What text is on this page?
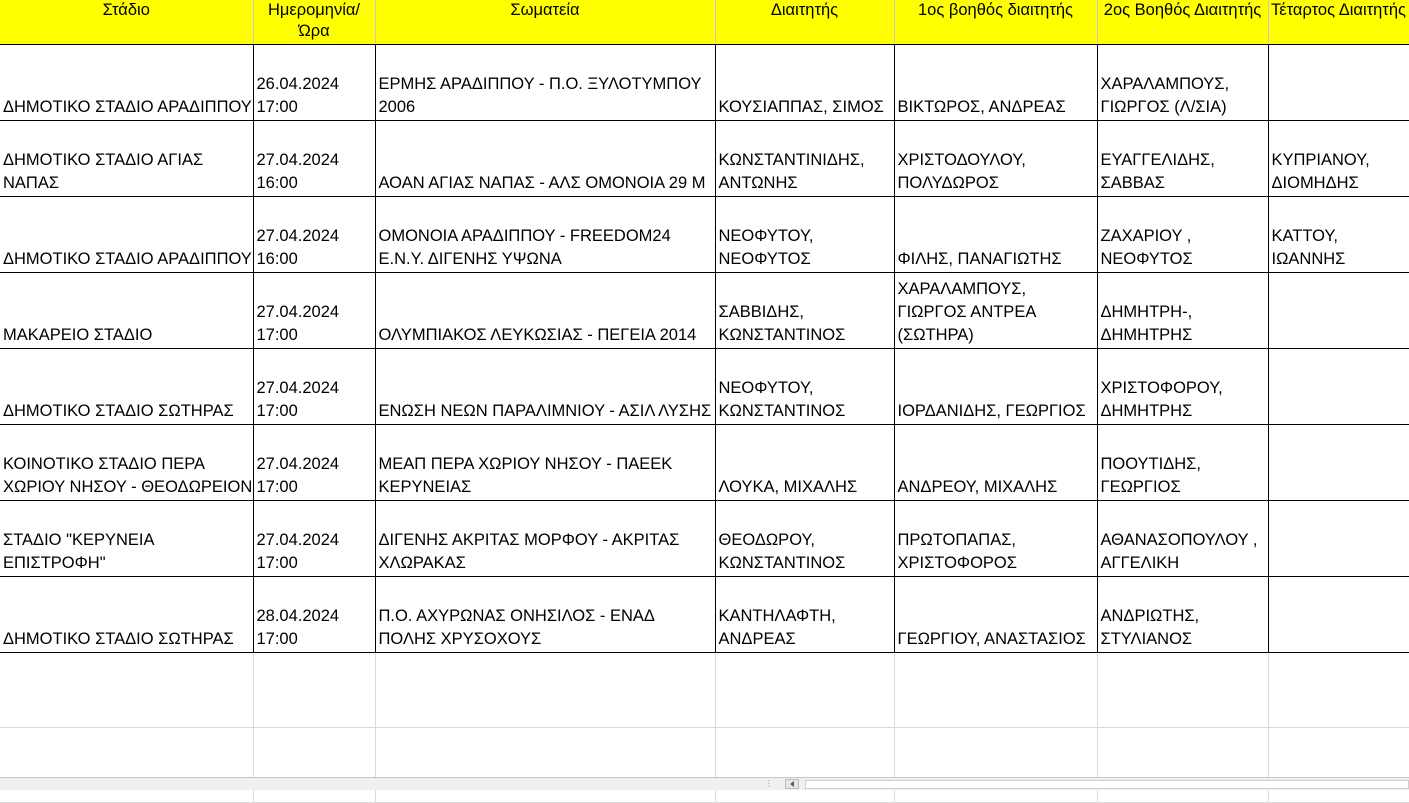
Στάδιο	Ημερομηνία/ Ώρα	Σωματεία	Διαιτητής	1ος βοηθός διαιτητής	2ος Βοηθός Διαιτητής	Τέταρτος Διαιτητής
ΔΗΜΟΤΙΚΟ ΣΤΑΔΙΟ ΑΡΑΔΙΠΠΟΥ	26.04.2024 17:00	ΕΡΜΗΣ ΑΡΑΔΙΠΠΟΥ - Π.Ο. ΞΥΛΟΤΥΜΠΟΥ 2006	ΚΟΥΣΙΑΠΠΑΣ, ΣΙΜΟΣ	ΒΙΚΤΩΡΟΣ, ΑΝΔΡΕΑΣ	ΧΑΡΑΛΑΜΠΟΥΣ, ΓΙΩΡΓΟΣ (Λ/ΣΙΑ)	
ΔΗΜΟΤΙΚΟ ΣΤΑΔΙΟ ΑΓΙΑΣ ΝΑΠΑΣ	27.04.2024 16:00	ΑΟΑΝ ΑΓΙΑΣ ΝΑΠΑΣ - ΑΛΣ ΟΜΟΝΟΙΑ 29 Μ	ΚΩΝΣΤΑΝΤΙΝΙΔΗΣ, ΑΝΤΩΝΗΣ	ΧΡΙΣΤΟΔΟΥΛΟΥ, ΠΟΛΥΔΩΡΟΣ	ΕΥΑΓΓΕΛΙΔΗΣ, ΣΑΒΒΑΣ	ΚΥΠΡΙΑΝΟΥ, ΔΙΟΜΗΔΗΣ
ΔΗΜΟΤΙΚΟ ΣΤΑΔΙΟ ΑΡΑΔΙΠΠΟΥ	27.04.2024 16:00	ΟΜΟΝΟΙΑ ΑΡΑΔΙΠΠΟΥ - FREEDOM24 Ε.Ν.Υ. ΔΙΓΕΝΗΣ ΥΨΩΝΑ	ΝΕΟΦΥΤΟΥ, ΝΕΟΦΥΤΟΣ	ΦΙΛΗΣ, ΠΑΝΑΓΙΩΤΗΣ	ΖΑΧΑΡΙΟΥ , ΝΕΟΦΥΤΟΣ	ΚΑΤΤΟΥ, ΙΩΑΝΝΗΣ
ΜΑΚΑΡΕΙΟ ΣΤΑΔΙΟ	27.04.2024 17:00	ΟΛΥΜΠΙΑΚΟΣ ΛΕΥΚΩΣΙΑΣ - ΠΕΓΕΙΑ 2014	ΣΑΒΒΙΔΗΣ, ΚΩΝΣΤΑΝΤΙΝΟΣ	ΧΑΡΑΛΑΜΠΟΥΣ, ΓΙΩΡΓΟΣ ΑΝΤΡΕΑ (ΣΩΤΗΡΑ)	ΔΗΜΗΤΡΗ-, ΔΗΜΗΤΡΗΣ	
ΔΗΜΟΤΙΚΟ ΣΤΑΔΙΟ ΣΩΤΗΡΑΣ	27.04.2024 17:00	ΕΝΩΣΗ ΝΕΩΝ ΠΑΡΑΛΙΜΝΙΟΥ - ΑΣΙΛ ΛΥΣΗΣ	ΝΕΟΦΥΤΟΥ, ΚΩΝΣΤΑΝΤΙΝΟΣ	ΙΟΡΔΑΝΙΔΗΣ, ΓΕΩΡΓΙΟΣ	ΧΡΙΣΤΟΦΟΡΟΥ, ΔΗΜΗΤΡΗΣ	
ΚΟΙΝΟΤΙΚΟ ΣΤΑΔΙΟ ΠΕΡΑ ΧΩΡΙΟΥ ΝΗΣΟΥ - ΘΕΟΔΩΡΕΙΟΝ	27.04.2024 17:00	ΜΕΑΠ ΠΕΡΑ ΧΩΡΙΟΥ ΝΗΣΟΥ - ΠΑΕΕΚ ΚΕΡΥΝΕΙΑΣ	ΛΟΥΚΑ, ΜΙΧΑΛΗΣ	ΑΝΔΡΕΟΥ, ΜΙΧΑΛΗΣ	ΠΟΟΥΤΙΔΗΣ, ΓΕΩΡΓΙΟΣ	
ΣΤΑΔΙΟ "ΚΕΡΥΝΕΙΑ ΕΠΙΣΤΡΟΦΗ"	27.04.2024 17:00	ΔΙΓΕΝΗΣ ΑΚΡΙΤΑΣ ΜΟΡΦΟΥ - ΑΚΡΙΤΑΣ ΧΛΩΡΑΚΑΣ	ΘΕΟΔΩΡΟΥ, ΚΩΝΣΤΑΝΤΙΝΟΣ	ΠΡΩΤΟΠΑΠΑΣ, ΧΡΙΣΤΟΦΟΡΟΣ	ΑΘΑΝΑΣΟΠΟΥΛΟΥ , ΑΓΓΕΛΙΚΗ	
ΔΗΜΟΤΙΚΟ ΣΤΑΔΙΟ ΣΩΤΗΡΑΣ	28.04.2024 17:00	Π.Ο. ΑΧΥΡΩΝΑΣ ΟΝΗΣΙΛΟΣ - ΕΝΑΔ ΠΟΛΗΣ ΧΡΥΣΟΧΟΥΣ	ΚΑΝΤΗΛΑΦΤΗ, ΑΝΔΡΕΑΣ	ΓΕΩΡΓΙΟΥ, ΑΝΑΣΤΑΣΙΟΣ	ΑΝΔΡΙΩΤΗΣ, ΣΤΥΛΙΑΝΟΣ	

⋮
